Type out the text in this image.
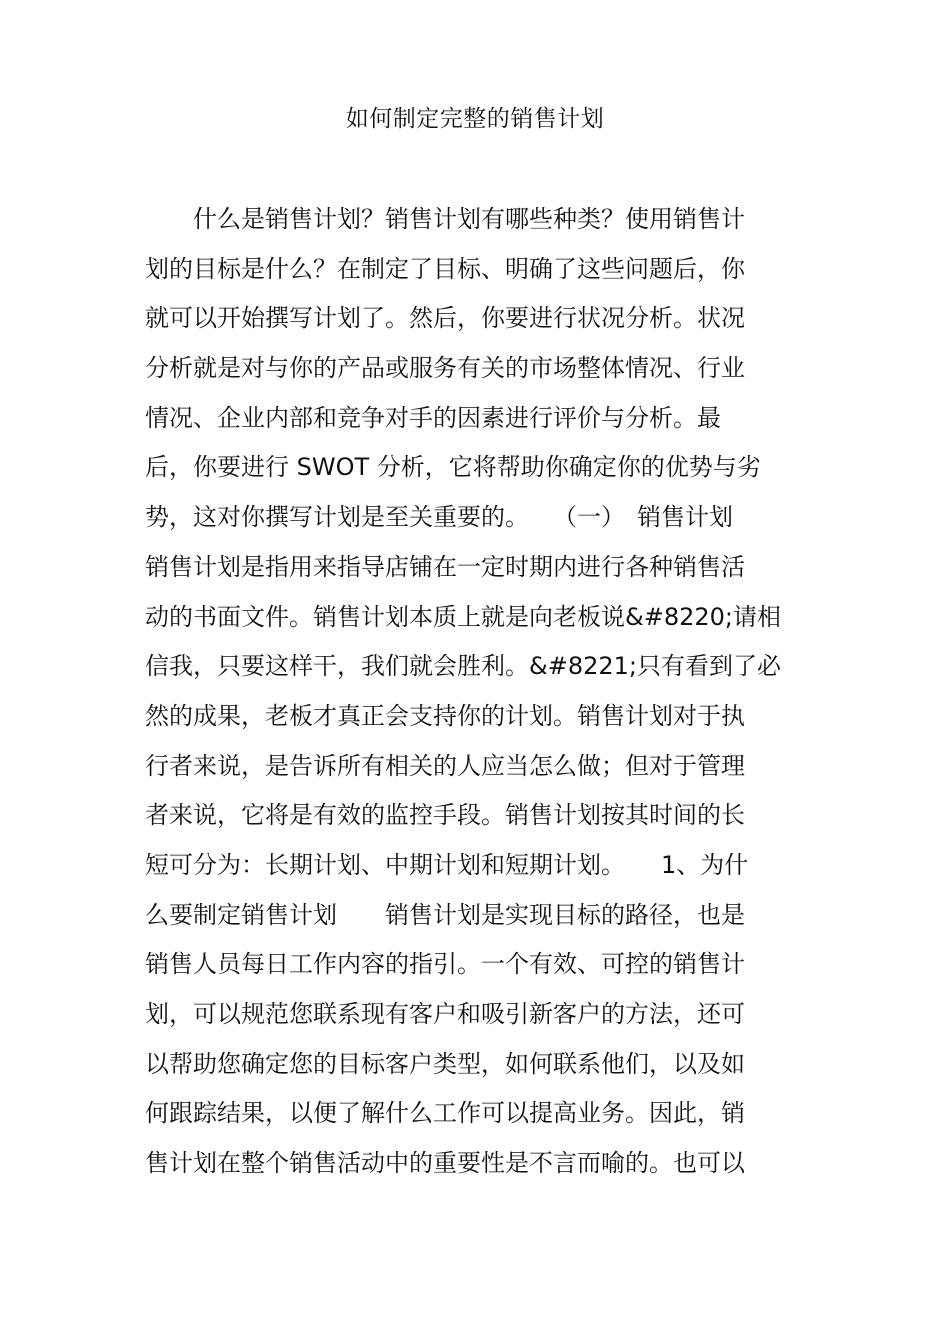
如何制定完整的销售计划
　　什么是销售计划？销售计划有哪些种类？使用销售计
划的目标是什么？在制定了目标、明确了这些问题后，你
就可以开始撰写计划了。然后，你要进行状况分析。状况
分析就是对与你的产品或服务有关的市场整体情况、行业
情况、企业内部和竞争对手的因素进行评价与分析。最
后，你要进行 SWOT 分析，它将帮助你确定你的优势与劣
势，这对你撰写计划是至关重要的。　　（一）　销售计划
销售计划是指用来指导店铺在一定时期内进行各种销售活
动的书面文件。销售计划本质上就是向老板说&#8220;请相
信我，只要这样干，我们就会胜利。&#8221;只有看到了必
然的成果，老板才真正会支持你的计划。销售计划对于执
行者来说，是告诉所有相关的人应当怎么做；但对于管理
者来说，它将是有效的监控手段。销售计划按其时间的长
短可分为：长期计划、中期计划和短期计划。　　1、为什
么要制定销售计划　　销售计划是实现目标的路径，也是
销售人员每日工作内容的指引。一个有效、可控的销售计
划，可以规范您联系现有客户和吸引新客户的方法，还可
以帮助您确定您的目标客户类型，如何联系他们，以及如
何跟踪结果，以便了解什么工作可以提高业务。因此，销
售计划在整个销售活动中的重要性是不言而喻的。也可以
